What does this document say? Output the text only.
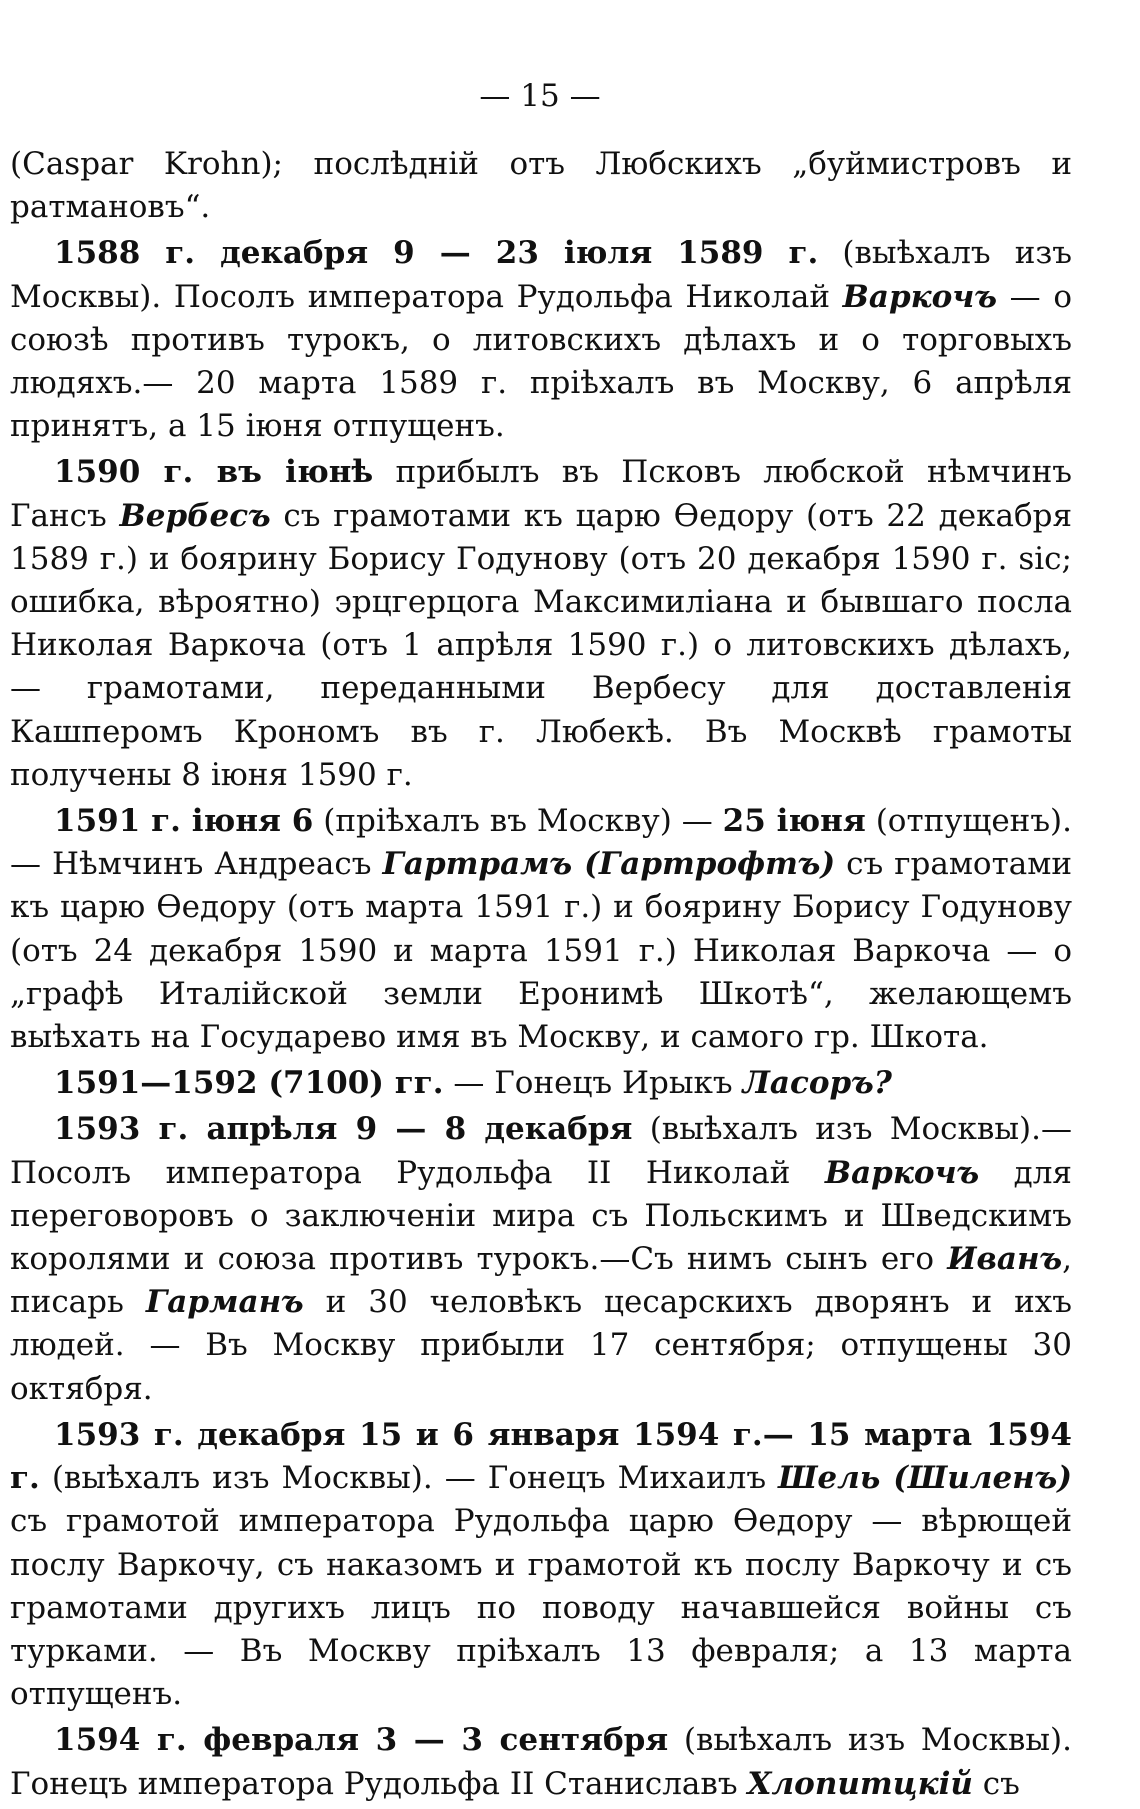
— 15 —

(Caspar Krohn); послѣдній отъ Любскихъ „буймистровъ и ратмановъ“.

1588 г. декабря 9 — 23 іюля 1589 г. (выѣхалъ изъ Москвы). Посолъ императора Рудольфа Николай Варкочъ — о союзѣ противъ турокъ, о литовскихъ дѣлахъ и о торговыхъ людяхъ.— 20 марта 1589 г. пріѣхалъ въ Москву, 6 апрѣля принятъ, а 15 іюня отпущенъ.

1590 г. въ іюнѣ прибылъ въ Псковъ любской нѣмчинъ Гансъ Вербесъ съ грамотами къ царю Ѳедору (отъ 22 декабря 1589 г.) и боярину Борису Годунову (отъ 20 декабря 1590 г. sic; ошибка, вѣроятно) эрцгерцога Максимиліана и бывшаго посла Николая Варкоча (отъ 1 апрѣля 1590 г.) о литовскихъ дѣлахъ, — грамотами, переданными Вербесу для доставленія Кашперомъ Крономъ въ г. Любекѣ. Въ Москвѣ грамоты получены 8 іюня 1590 г.

1591 г. іюня 6 (пріѣхалъ въ Москву) — 25 іюня (отпущенъ).— Нѣмчинъ Андреасъ Гартрамъ (Гартрофтъ) съ грамотами къ царю Ѳедору (отъ марта 1591 г.) и боярину Борису Годунову (отъ 24 декабря 1590 и марта 1591 г.) Николая Варкоча — о „графѣ Италійской земли Еронимѣ Шкотѣ“, желающемъ выѣхать на Государево имя въ Москву, и самого гр. Шкота.

1591—1592 (7100) гг. — Гонецъ Ирыкъ Ласоръ?

1593 г. апрѣля 9 — 8 декабря (выѣхалъ изъ Москвы).— Посолъ императора Рудольфа II Николай Варкочъ для переговоровъ о заключеніи мира съ Польскимъ и Шведскимъ королями и союза противъ турокъ.—Съ нимъ сынъ его Иванъ, писарь Гарманъ и 30 человѣкъ цесарскихъ дворянъ и ихъ людей. — Въ Москву прибыли 17 сентября; отпущены 30 октября.

1593 г. декабря 15 и 6 января 1594 г.— 15 марта 1594 г. (выѣхалъ изъ Москвы). — Гонецъ Михаилъ Шель (Шиленъ) съ грамотой императора Рудольфа царю Ѳедору — вѣрющей послу Варкочу, съ наказомъ и грамотой къ послу Варкочу и съ грамотами другихъ лицъ по поводу начавшейся войны съ турками. — Въ Москву пріѣхалъ 13 февраля; а 13 марта отпущенъ.

1594 г. февраля 3 — 3 сентября (выѣхалъ изъ Москвы). Гонецъ императора Рудольфа II Станиславъ Хлопитцкій съ
